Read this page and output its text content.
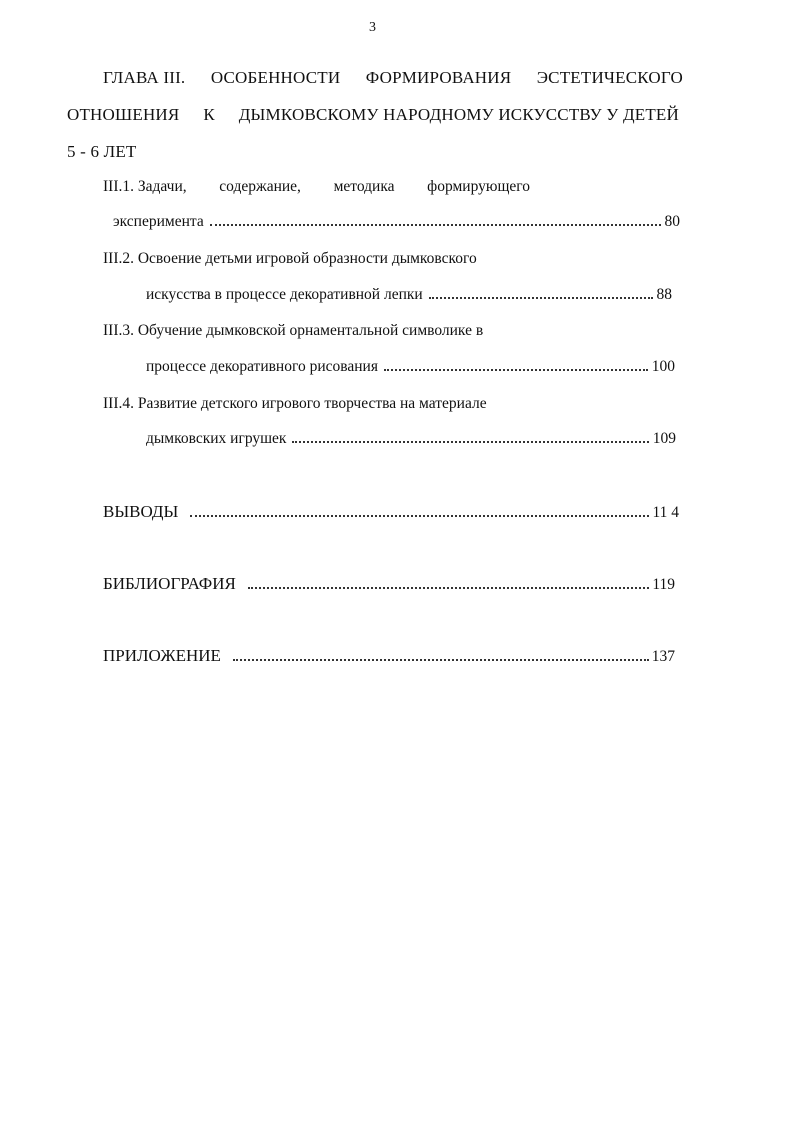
3
ГЛАВА III. ОСОБЕННОСТИ ФОРМИРОВАНИЯ ЭСТЕТИЧЕСКОГО
ОТНОШЕНИЯ К ДЫМКОВСКОМУ НАРОДНОМУ ИСКУССТВУ У ДЕТЕЙ
5 - 6 ЛЕТ
III.1. Задачи, содержание, методика формирующего
эксперимента	80
III.2. Освоение детьми игровой образности дымковского
искусства в процессе декоративной лепки	88
III.3. Обучение дымковской орнаментальной символике в
процессе декоративного рисования	100
III.4. Развитие детского игрового творчества на материале
дымковских игрушек	109
ВЫВОДЫ	11 4
БИБЛИОГРАФИЯ	119
ПРИЛОЖЕНИЕ	137
